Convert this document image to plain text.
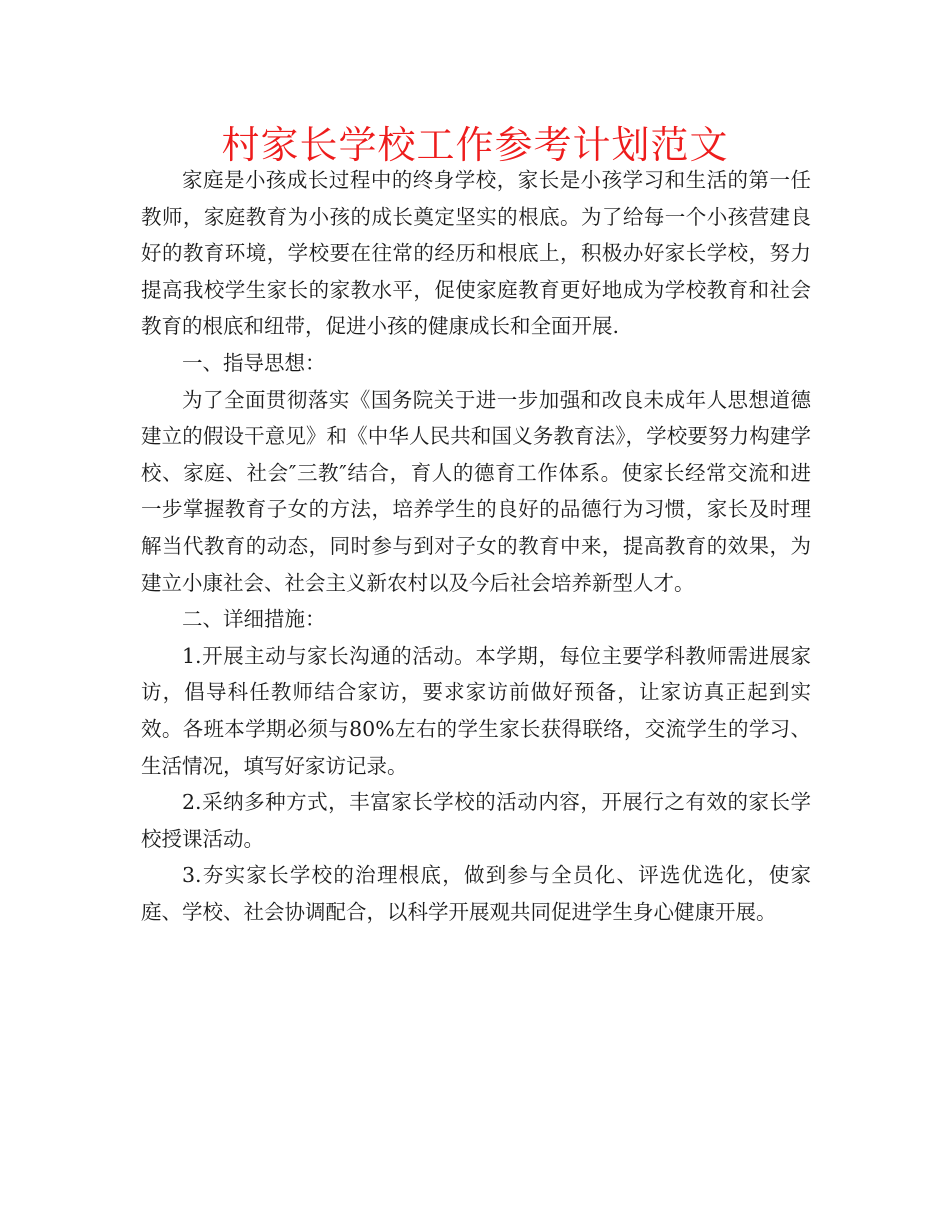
村家长学校工作参考计划范文

家庭是小孩成长过程中的终身学校，家长是小孩学习和生活的第一任教师，家庭教育为小孩的成长奠定坚实的根底。为了给每一个小孩营建良好的教育环境，学校要在往常的经历和根底上，积极办好家长学校，努力提高我校学生家长的家教水平，促使家庭教育更好地成为学校教育和社会教育的根底和纽带，促进小孩的健康成长和全面开展.

一、指导思想：

为了全面贯彻落实《国务院关于进一步加强和改良未成年人思想道德建立的假设干意见》和《中华人民共和国义务教育法》，学校要努力构建学校、家庭、社会″三教″结合，育人的德育工作体系。使家长经常交流和进一步掌握教育子女的方法，培养学生的良好的品德行为习惯，家长及时理解当代教育的动态，同时参与到对子女的教育中来，提高教育的效果，为建立小康社会、社会主义新农村以及今后社会培养新型人才。

二、详细措施：

1.开展主动与家长沟通的活动。本学期，每位主要学科教师需进展家访，倡导科任教师结合家访，要求家访前做好预备，让家访真正起到实效。各班本学期必须与80%左右的学生家长获得联络，交流学生的学习、生活情况，填写好家访记录。

2.采纳多种方式，丰富家长学校的活动内容，开展行之有效的家长学校授课活动。

3.夯实家长学校的治理根底，做到参与全员化、评选优选化，使家庭、学校、社会协调配合，以科学开展观共同促进学生身心健康开展。
